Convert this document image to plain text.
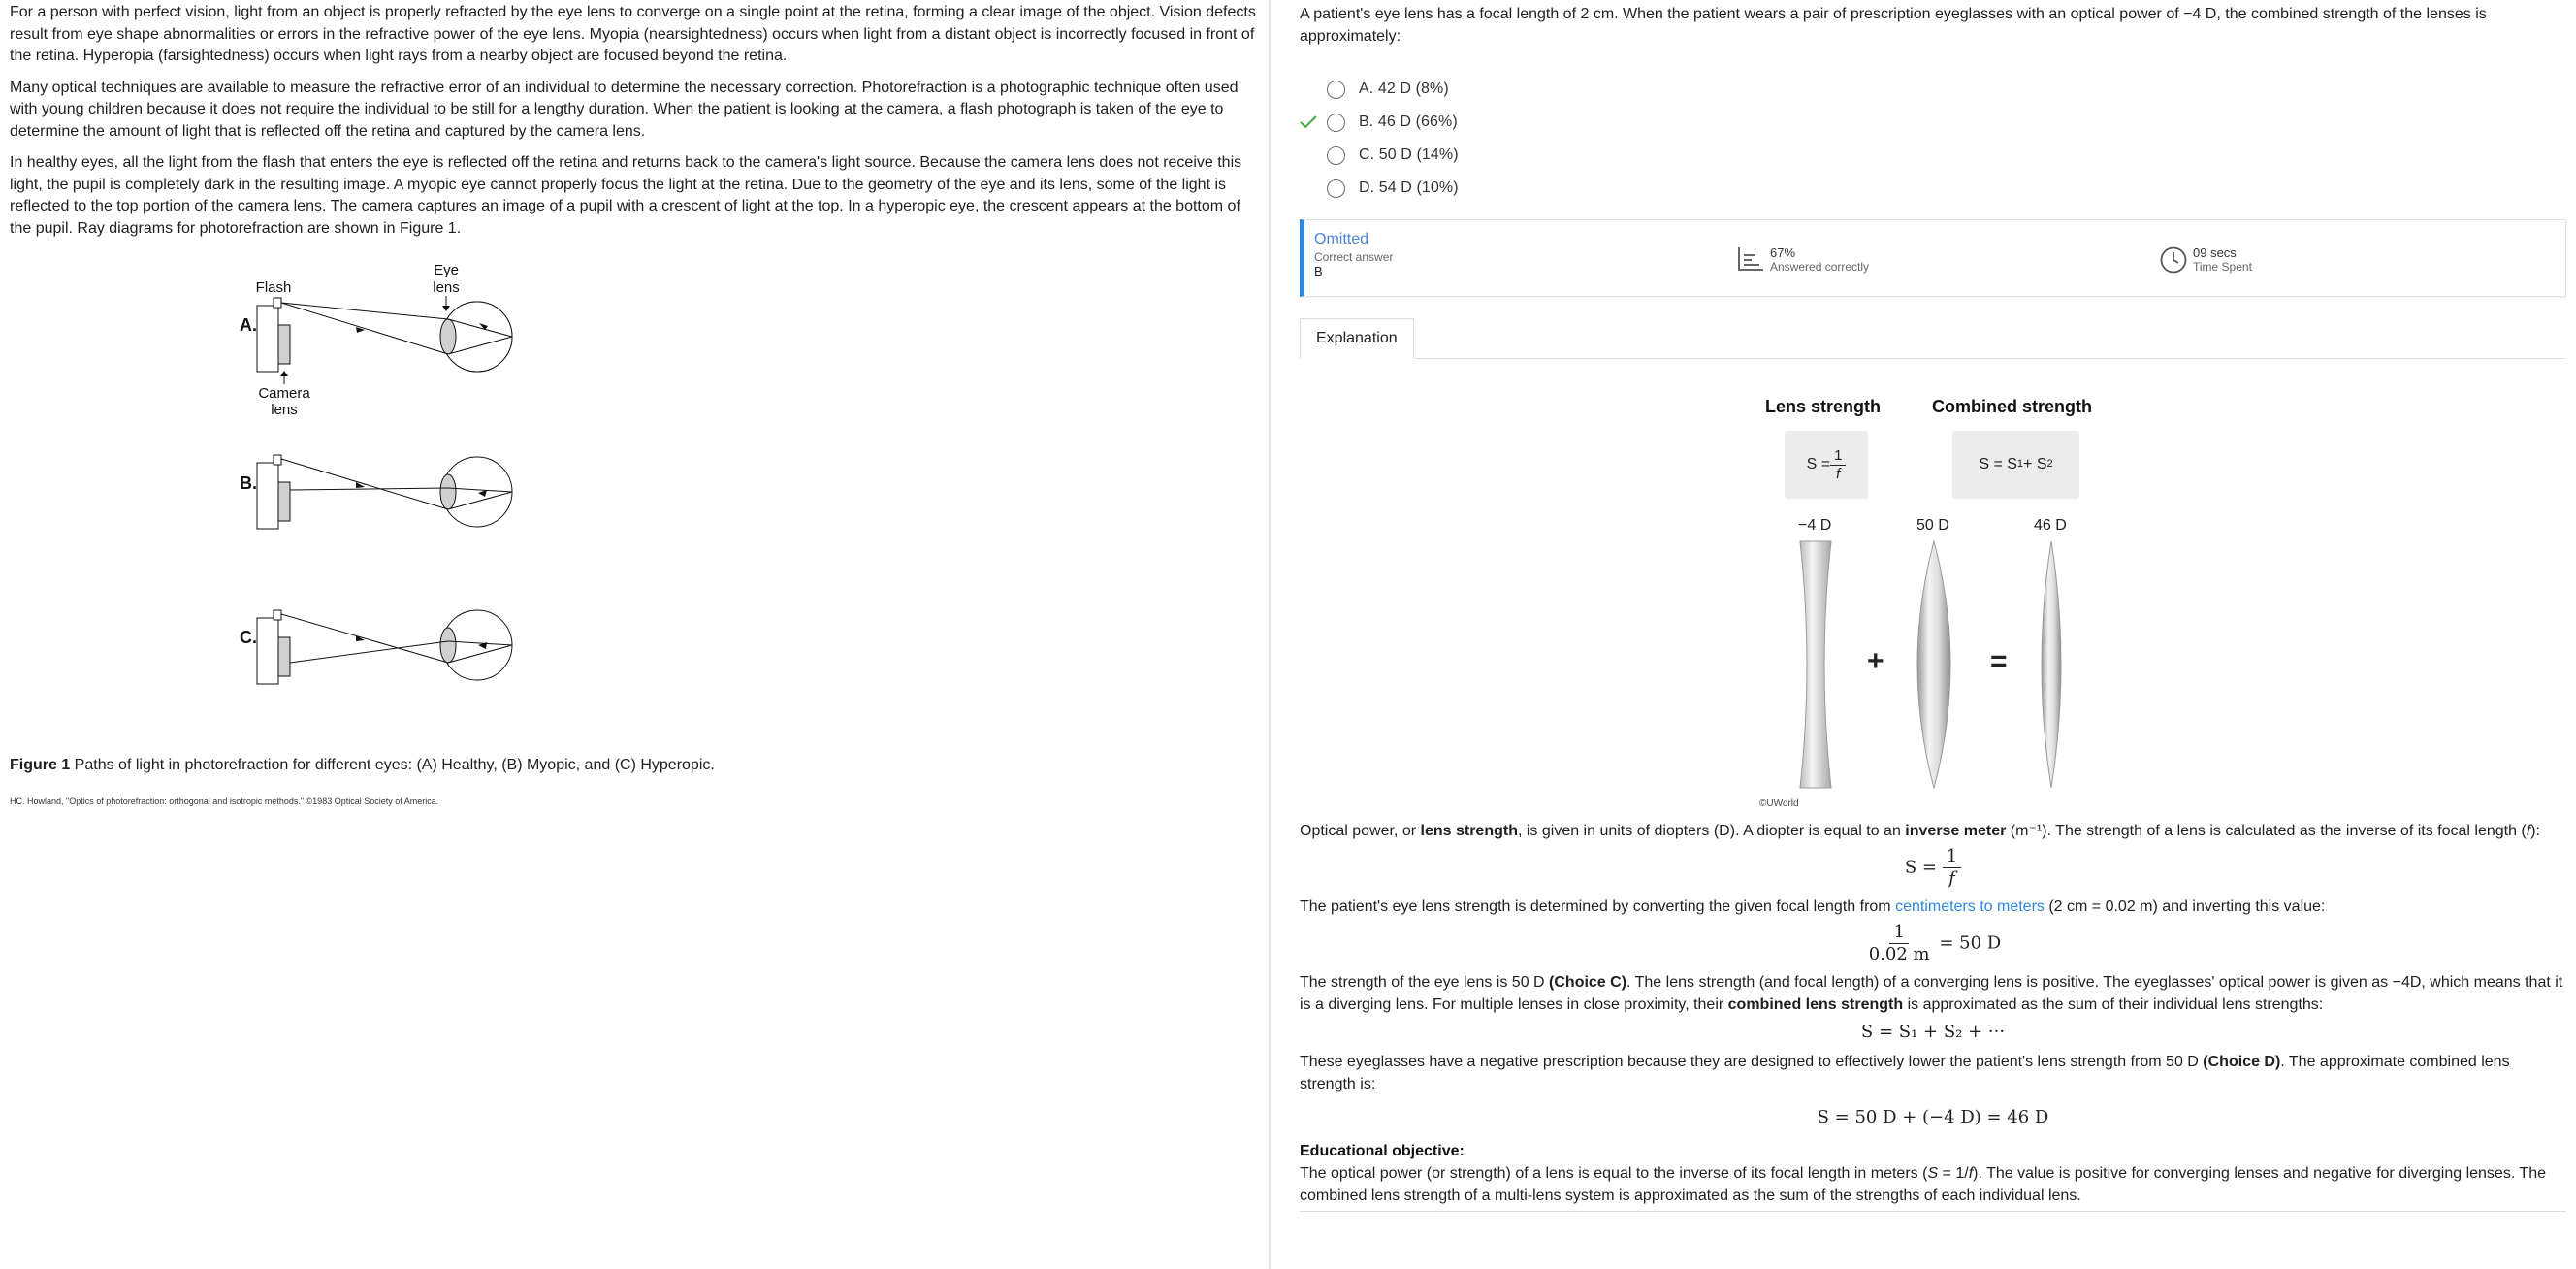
For a person with perfect vision, light from an object is properly refracted by the eye lens to converge on a single point at the retina, forming a clear image of the object. Vision defects result from eye shape abnormalities or errors in the refractive power of the eye lens. Myopia (nearsightedness) occurs when light from a distant object is incorrectly focused in front of the retina. Hyperopia (farsightedness) occurs when light rays from a nearby object are focused beyond the retina.

Many optical techniques are available to measure the refractive error of an individual to determine the necessary correction. Photorefraction is a photographic technique often used with young children because it does not require the individual to be still for a lengthy duration. When the patient is looking at the camera, a flash photograph is taken of the eye to determine the amount of light that is reflected off the retina and captured by the camera lens.

In healthy eyes, all the light from the flash that enters the eye is reflected off the retina and returns back to the camera's light source. Because the camera lens does not receive this light, the pupil is completely dark in the resulting image. A myopic eye cannot properly focus the light at the retina. Due to the geometry of the eye and its lens, some of the light is reflected to the top portion of the camera lens. The camera captures an image of a pupil with a crescent of light at the top. In a hyperopic eye, the crescent appears at the bottom of the pupil. Ray diagrams for photorefraction are shown in Figure 1.

Eye
lens
Flash
A.
Camera
lens
B.
C.

Figure 1 Paths of light in photorefraction for different eyes: (A) Healthy, (B) Myopic, and (C) Hyperopic.

HC. Howland, "Optics of photorefraction: orthogonal and isotropic methods." ©1983 Optical Society of America.

A patient's eye lens has a focal length of 2 cm. When the patient wears a pair of prescription eyeglasses with an optical power of −4 D, the combined strength of the lenses is approximately:

A. 42 D (8%)
B. 46 D (66%)
C. 50 D (14%)
D. 54 D (10%)
Omitted
Correct answer
B
67%
Answered correctly
09 secs
Time Spent
Explanation
Lens strength	Combined strength
$S = \frac{1}{f}$	S = S 1 + S 2
−4 D	50 D	46 D
+	=
©UWorld

Optical power, or lens strength, is given in units of diopters (D). A diopter is equal to an inverse meter (m⁻¹). The strength of a lens is calculated as the inverse of its focal length (f):

$S = \frac{1}{f}$

The patient's eye lens strength is determined by converting the given focal length from centimeters to meters (2 cm = 0.02 m) and inverting this value:

$\frac{1}{0.02 m} = 50$ D

The strength of the eye lens is 50 D (Choice C). The lens strength (and focal length) of a converging lens is positive. The eyeglasses' optical power is given as −4D, which means that it is a diverging lens. For multiple lenses in close proximity, their combined lens strength is approximated as the sum of their individual lens strengths:

S = S₁ + S₂ + ···

These eyeglasses have a negative prescription because they are designed to effectively lower the patient's lens strength from 50 D (Choice D). The approximate combined lens strength is:

S = 50 D + (−4 D) = 46 D

Educational objective:

The optical power (or strength) of a lens is equal to the inverse of its focal length in meters (S = 1/f). The value is positive for converging lenses and negative for diverging lenses. The combined lens strength of a multi-lens system is approximated as the sum of the strengths of each individual lens.
